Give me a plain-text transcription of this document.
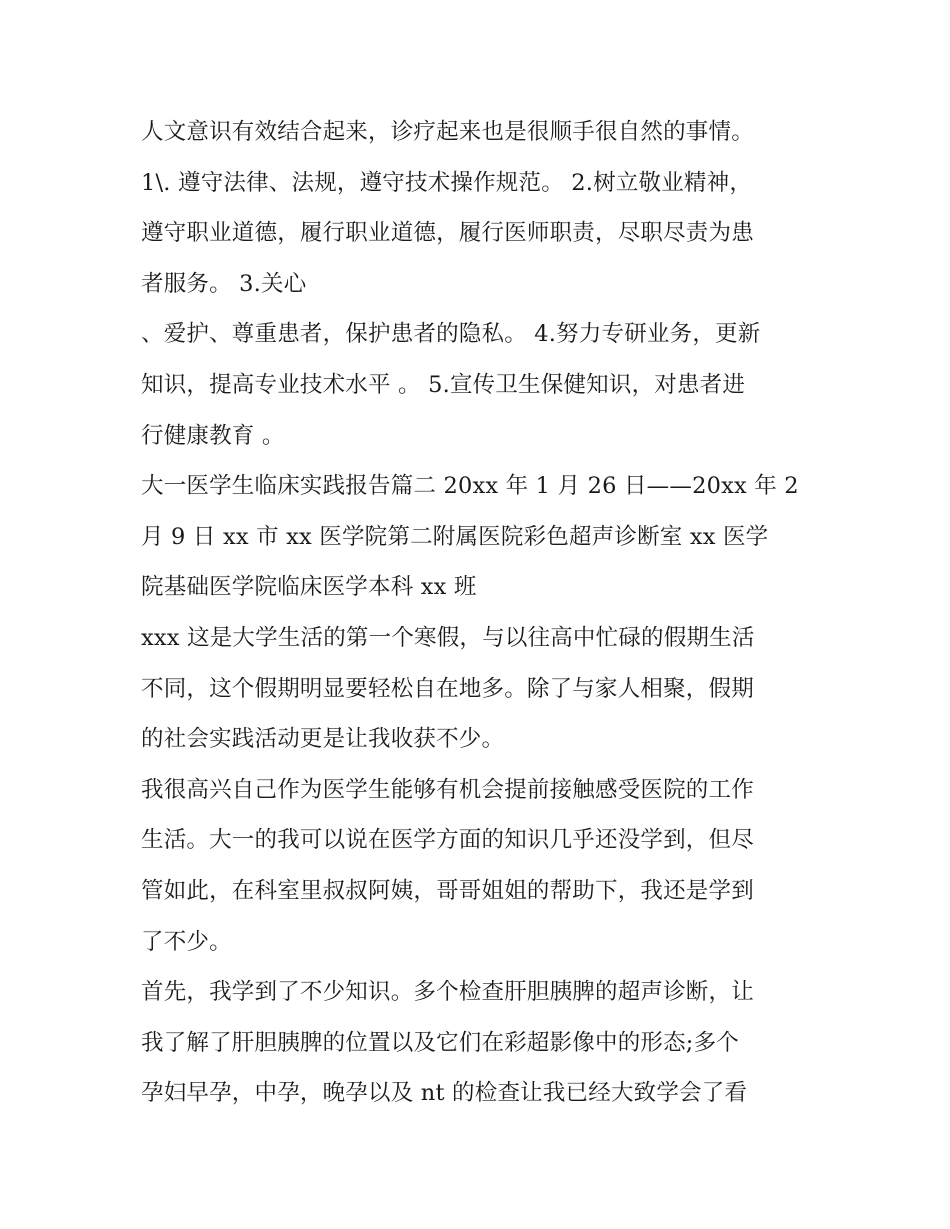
人文意识有效结合起来，诊疗起来也是很顺手很自然的事情。
1\. 遵守法律、法规，遵守技术操作规范。 2.树立敬业精神，
遵守职业道德，履行职业道德，履行医师职责，尽职尽责为患
者服务。 3.关心
、爱护、尊重患者，保护患者的隐私。 4.努力专研业务，更新
知识，提高专业技术水平 。 5.宣传卫生保健知识，对患者进
行健康教育 。
大一医学生临床实践报告篇二 20xx 年 1 月 26 日——20xx 年 2
月 9 日 xx 市 xx 医学院第二附属医院彩色超声诊断室 xx 医学
院基础医学院临床医学本科 xx 班
xxx 这是大学生活的第一个寒假，与以往高中忙碌的假期生活
不同，这个假期明显要轻松自在地多。除了与家人相聚，假期
的社会实践活动更是让我收获不少。
我很高兴自己作为医学生能够有机会提前接触感受医院的工作
生活。大一的我可以说在医学方面的知识几乎还没学到，但尽
管如此，在科室里叔叔阿姨，哥哥姐姐的帮助下，我还是学到
了不少。
首先，我学到了不少知识。多个检查肝胆胰脾的超声诊断，让
我了解了肝胆胰脾的位置以及它们在彩超影像中的形态;多个
孕妇早孕，中孕，晚孕以及 nt 的检查让我已经大致学会了看
